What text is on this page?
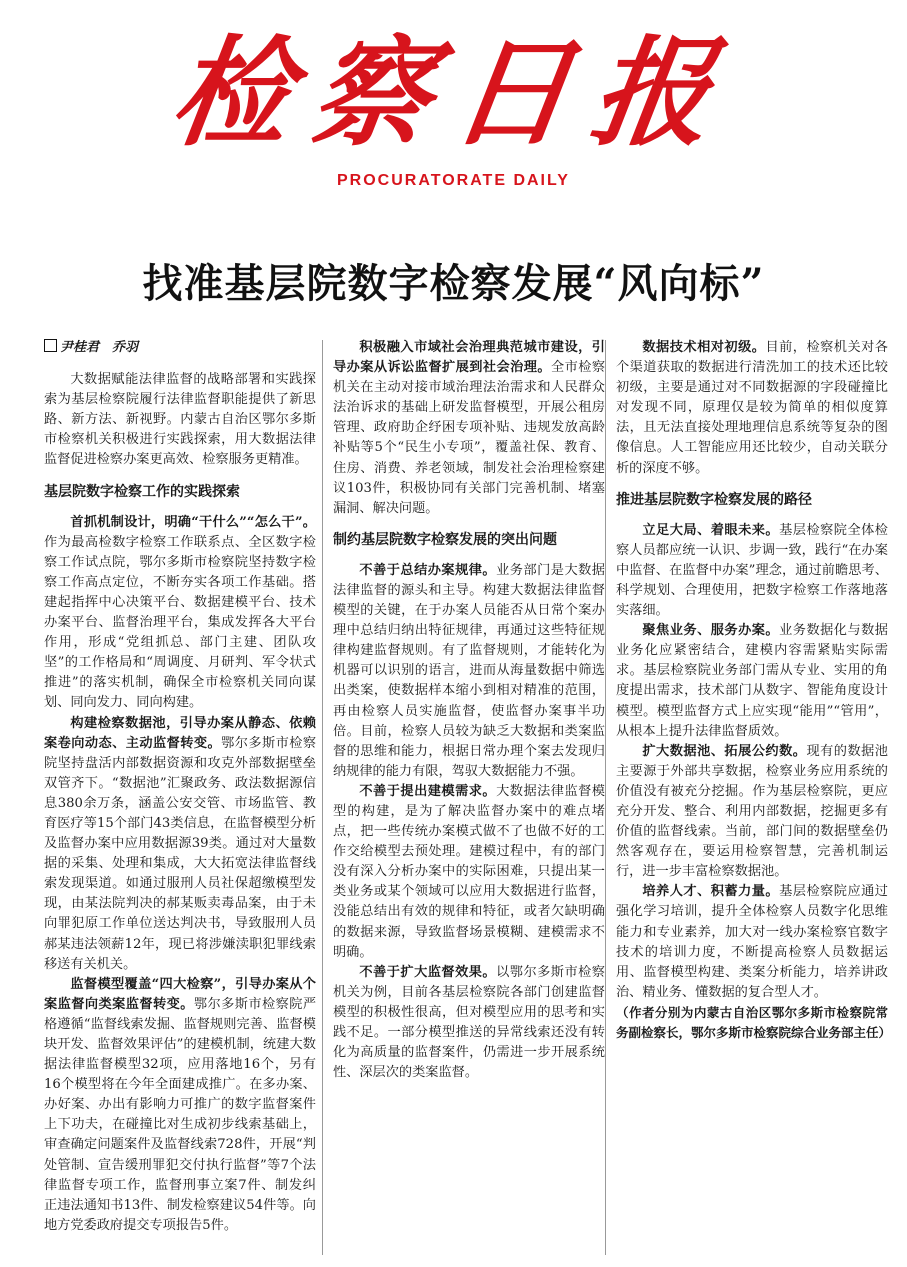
检察日报
PROCURATORATE DAILY
找准基层院数字检察发展“风向标”
尹桂君　乔羽

大数据赋能法律监督的战略部署和实践探索为基层检察院履行法律监督职能提供了新思路、新方法、新视野。内蒙古自治区鄂尔多斯市检察机关积极进行实践探索，用大数据法律监督促进检察办案更高效、检察服务更精准。

基层院数字检察工作的实践探索

首抓机制设计，明确“干什么”“怎么干”。作为最高检数字检察工作联系点、全区数字检察工作试点院，鄂尔多斯市检察院坚持数字检察工作高点定位，不断夯实各项工作基础。搭建起指挥中心决策平台、数据建模平台、技术办案平台、监督治理平台，集成发挥各大平台作用，形成“党组抓总、部门主建、团队攻坚”的工作格局和“周调度、月研判、军令状式推进”的落实机制，确保全市检察机关同向谋划、同向发力、同向构建。

构建检察数据池，引导办案从静态、依赖案卷向动态、主动监督转变。鄂尔多斯市检察院坚持盘活内部数据资源和攻克外部数据壁垒双管齐下。“数据池”汇聚政务、政法数据源信息380余万条，涵盖公安交管、市场监管、教育医疗等15个部门43类信息，在监督模型分析及监督办案中应用数据源39类。通过对大量数据的采集、处理和集成，大大拓宽法律监督线索发现渠道。如通过服刑人员社保超缴模型发现，由某法院判决的郝某贩卖毒品案，由于未向罪犯原工作单位送达判决书，导致服刑人员郝某违法领薪12年，现已将涉嫌渎职犯罪线索移送有关机关。

监督模型覆盖“四大检察”，引导办案从个案监督向类案监督转变。鄂尔多斯市检察院严格遵循“监督线索发掘、监督规则完善、监督模块开发、监督效果评估”的建模机制，统建大数据法律监督模型32项，应用落地16个，另有16个模型将在今年全面建成推广。在多办案、办好案、办出有影响力可推广的数字监督案件上下功夫，在碰撞比对生成初步线索基础上，审查确定问题案件及监督线索728件，开展“判处管制、宣告缓刑罪犯交付执行监督”等7个法律监督专项工作，监督刑事立案7件、制发纠正违法通知书13件、制发检察建议54件等。向地方党委政府提交专项报告5件。

积极融入市域社会治理典范城市建设，引导办案从诉讼监督扩展到社会治理。全市检察机关在主动对接市域治理法治需求和人民群众法治诉求的基础上研发监督模型，开展公租房管理、政府助企纾困专项补贴、违规发放高龄补贴等5个“民生小专项”，覆盖社保、教育、住房、消费、养老领域，制发社会治理检察建议103件，积极协同有关部门完善机制、堵塞漏洞、解决问题。

制约基层院数字检察发展的突出问题

不善于总结办案规律。业务部门是大数据法律监督的源头和主导。构建大数据法律监督模型的关键，在于办案人员能否从日常个案办理中总结归纳出特征规律，再通过这些特征规律构建监督规则。有了监督规则，才能转化为机器可以识别的语言，进而从海量数据中筛选出类案，使数据样本缩小到相对精准的范围，再由检察人员实施监督，使监督办案事半功倍。目前，检察人员较为缺乏大数据和类案监督的思维和能力，根据日常办理个案去发现归纳规律的能力有限，驾驭大数据能力不强。

不善于提出建模需求。大数据法律监督模型的构建，是为了解决监督办案中的难点堵点，把一些传统办案模式做不了也做不好的工作交给模型去预处理。建模过程中，有的部门没有深入分析办案中的实际困难，只提出某一类业务或某个领域可以应用大数据进行监督，没能总结出有效的规律和特征，或者欠缺明确的数据来源，导致监督场景模糊、建模需求不明确。

不善于扩大监督效果。以鄂尔多斯市检察机关为例，目前各基层检察院各部门创建监督模型的积极性很高，但对模型应用的思考和实践不足。一部分模型推送的异常线索还没有转化为高质量的监督案件，仍需进一步开展系统性、深层次的类案监督。

数据技术相对初级。目前，检察机关对各个渠道获取的数据进行清洗加工的技术还比较初级，主要是通过对不同数据源的字段碰撞比对发现不同，原理仅是较为简单的相似度算法，且无法直接处理地理信息系统等复杂的图像信息。人工智能应用还比较少，自动关联分析的深度不够。

推进基层院数字检察发展的路径

立足大局、着眼未来。基层检察院全体检察人员都应统一认识、步调一致，践行“在办案中监督、在监督中办案”理念，通过前瞻思考、科学规划、合理使用，把数字检察工作落地落实落细。

聚焦业务、服务办案。业务数据化与数据业务化应紧密结合，建模内容需紧贴实际需求。基层检察院业务部门需从专业、实用的角度提出需求，技术部门从数字、智能角度设计模型。模型监督方式上应实现“能用”“管用”，从根本上提升法律监督质效。

扩大数据池、拓展公约数。现有的数据池主要源于外部共享数据，检察业务应用系统的价值没有被充分挖掘。作为基层检察院，更应充分开发、整合、利用内部数据，挖掘更多有价值的监督线索。当前，部门间的数据壁垒仍然客观存在，要运用检察智慧，完善机制运行，进一步丰富检察数据池。

培养人才、积蓄力量。基层检察院应通过强化学习培训，提升全体检察人员数字化思维能力和专业素养，加大对一线办案检察官数字技术的培训力度，不断提高检察人员数据运用、监督模型构建、类案分析能力，培养讲政治、精业务、懂数据的复合型人才。

（作者分别为内蒙古自治区鄂尔多斯市检察院常务副检察长，鄂尔多斯市检察院综合业务部主任）
